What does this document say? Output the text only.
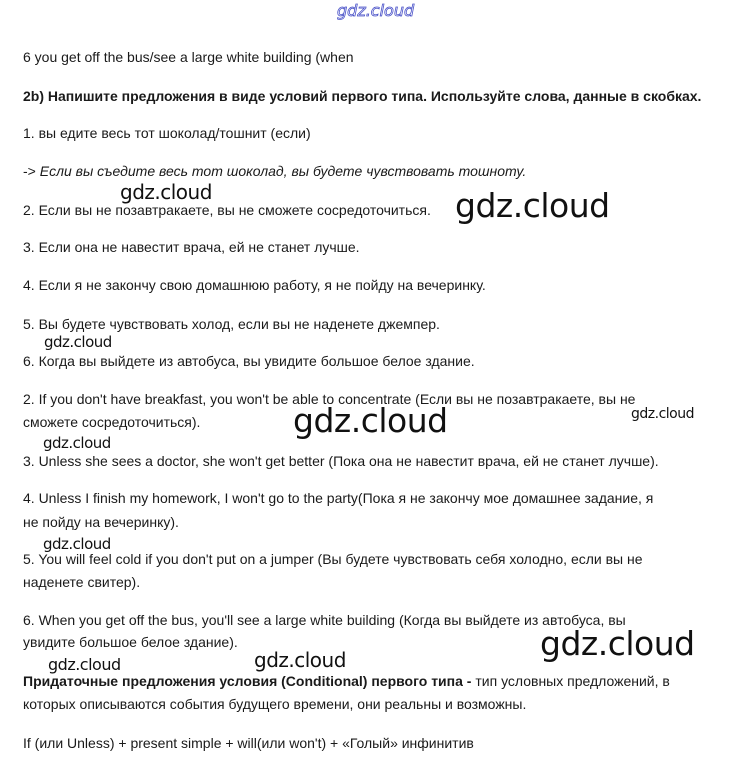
gdz.cloud
gdz.cloud	gdz.cloud
gdz.cloud
gdz.cloud	gdz.cloud
gdz.cloud
gdz.cloud
gdz.cloud
gdz.cloud
gdz.cloud
6 you get off the bus/see a large white building (when
2b) Напишите предложения в виде условий первого типа. Используйте слова, данные в скобках.
1. вы едите весь тот шоколад/тошнит (если)
-> Если вы съедите весь тот шоколад, вы будете чувствовать тошноту.
2. Если вы не позавтракаете, вы не сможете сосредоточиться.
3. Если она не навестит врача, ей не станет лучше.
4. Если я не закончу свою домашнюю работу, я не пойду на вечеринку.
5. Вы будете чувствовать холод, если вы не наденете джемпер.
6. Когда вы выйдете из автобуса, вы увидите большое белое здание.
2. If you don't have breakfast, you won't be able to concentrate (Если вы не позавтракаете, вы не
сможете сосредоточиться).
3. Unless she sees a doctor, she won't get better (Пока она не навестит врача, ей не станет лучше).
4. Unless I finish my homework, I won't go to the party(Пока я не закончу мое домашнее задание, я
не пойду на вечеринку).
5. You will feel cold if you don't put on a jumper (Вы будете чувствовать себя холодно, если вы не
наденете свитер).
6. When you get off the bus, you'll see a large white building (Когда вы выйдете из автобуса, вы
увидите большое белое здание).
Придаточные предложения условия (Conditional) первого типа - тип условных предложений, в
которых описываются события будущего времени, они реальны и возможны.
If (или Unless) + present simple + will(или won't) + «Голый» инфинитив
